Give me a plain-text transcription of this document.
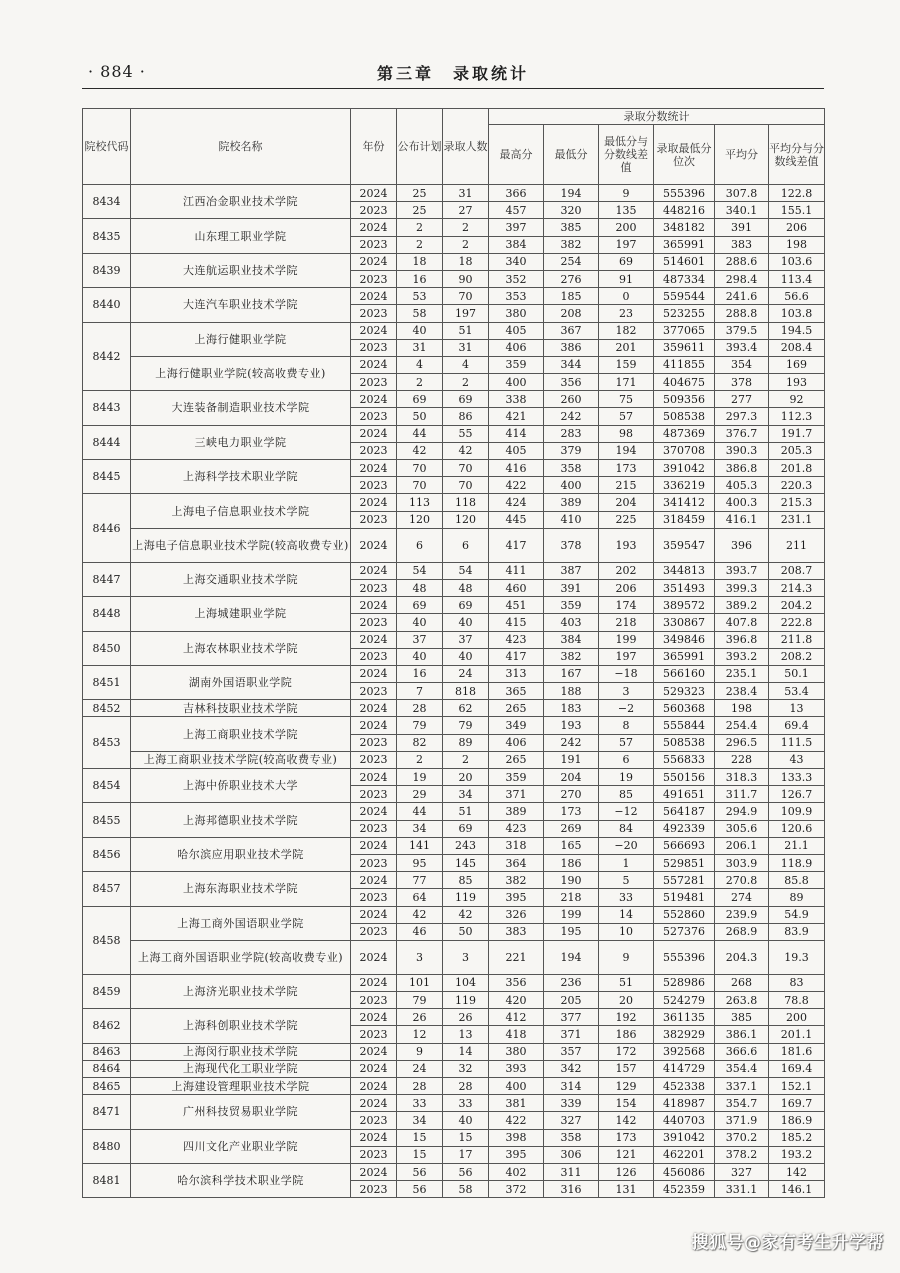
· 884 ·	第三章　录取统计
院校代码	院校名称	年份	公布计划	录取人数	录取分数统计					
					最高分	最低分	最低分与分数线差值	录取最低分位次	平均分	平均分与分数线差值
8434	江西冶金职业技术学院	2024	25	31	366	194	9	555396	307.8	122.8
		2023	25	27	457	320	135	448216	340.1	155.1
8435	山东理工职业学院	2024	2	2	397	385	200	348182	391	206
		2023	2	2	384	382	197	365991	383	198
8439	大连航运职业技术学院	2024	18	18	340	254	69	514601	288.6	103.6
		2023	16	90	352	276	91	487334	298.4	113.4
8440	大连汽车职业技术学院	2024	53	70	353	185	0	559544	241.6	56.6
		2023	58	197	380	208	23	523255	288.8	103.8
8442	上海行健职业学院	2024	40	51	405	367	182	377065	379.5	194.5
		2023	31	31	406	386	201	359611	393.4	208.4
	上海行健职业学院(较高收费专业)	2024	4	4	359	344	159	411855	354	169
		2023	2	2	400	356	171	404675	378	193
8443	大连装备制造职业技术学院	2024	69	69	338	260	75	509356	277	92
		2023	50	86	421	242	57	508538	297.3	112.3
8444	三峡电力职业学院	2024	44	55	414	283	98	487369	376.7	191.7
		2023	42	42	405	379	194	370708	390.3	205.3
8445	上海科学技术职业学院	2024	70	70	416	358	173	391042	386.8	201.8
		2023	70	70	422	400	215	336219	405.3	220.3
8446	上海电子信息职业技术学院	2024	113	118	424	389	204	341412	400.3	215.3
		2023	120	120	445	410	225	318459	416.1	231.1
	上海电子信息职业技术学院(较高收费专业)	2024	6	6	417	378	193	359547	396	211
8447	上海交通职业技术学院	2024	54	54	411	387	202	344813	393.7	208.7
		2023	48	48	460	391	206	351493	399.3	214.3
8448	上海城建职业学院	2024	69	69	451	359	174	389572	389.2	204.2
		2023	40	40	415	403	218	330867	407.8	222.8
8450	上海农林职业技术学院	2024	37	37	423	384	199	349846	396.8	211.8
		2023	40	40	417	382	197	365991	393.2	208.2
8451	湖南外国语职业学院	2024	16	24	313	167	−18	566160	235.1	50.1
		2023	7	818	365	188	3	529323	238.4	53.4
8452	吉林科技职业技术学院	2024	28	62	265	183	−2	560368	198	13
8453	上海工商职业技术学院	2024	79	79	349	193	8	555844	254.4	69.4
		2023	82	89	406	242	57	508538	296.5	111.5
	上海工商职业技术学院(较高收费专业)	2023	2	2	265	191	6	556833	228	43
8454	上海中侨职业技术大学	2024	19	20	359	204	19	550156	318.3	133.3
		2023	29	34	371	270	85	491651	311.7	126.7
8455	上海邦德职业技术学院	2024	44	51	389	173	−12	564187	294.9	109.9
		2023	34	69	423	269	84	492339	305.6	120.6
8456	哈尔滨应用职业技术学院	2024	141	243	318	165	−20	566693	206.1	21.1
		2023	95	145	364	186	1	529851	303.9	118.9
8457	上海东海职业技术学院	2024	77	85	382	190	5	557281	270.8	85.8
		2023	64	119	395	218	33	519481	274	89
8458	上海工商外国语职业学院	2024	42	42	326	199	14	552860	239.9	54.9
		2023	46	50	383	195	10	527376	268.9	83.9
	上海工商外国语职业学院(较高收费专业)	2024	3	3	221	194	9	555396	204.3	19.3
8459	上海济光职业技术学院	2024	101	104	356	236	51	528986	268	83
		2023	79	119	420	205	20	524279	263.8	78.8
8462	上海科创职业技术学院	2024	26	26	412	377	192	361135	385	200
		2023	12	13	418	371	186	382929	386.1	201.1
8463	上海闵行职业技术学院	2024	9	14	380	357	172	392568	366.6	181.6
8464	上海现代化工职业学院	2024	24	32	393	342	157	414729	354.4	169.4
8465	上海建设管理职业技术学院	2024	28	28	400	314	129	452338	337.1	152.1
8471	广州科技贸易职业学院	2024	33	33	381	339	154	418987	354.7	169.7
		2023	34	40	422	327	142	440703	371.9	186.9
8480	四川文化产业职业学院	2024	15	15	398	358	173	391042	370.2	185.2
		2023	15	17	395	306	121	462201	378.2	193.2
8481	哈尔滨科学技术职业学院	2024	56	56	402	311	126	456086	327	142
		2023	56	58	372	316	131	452359	331.1	146.1
搜狐号@家有考生升学帮
